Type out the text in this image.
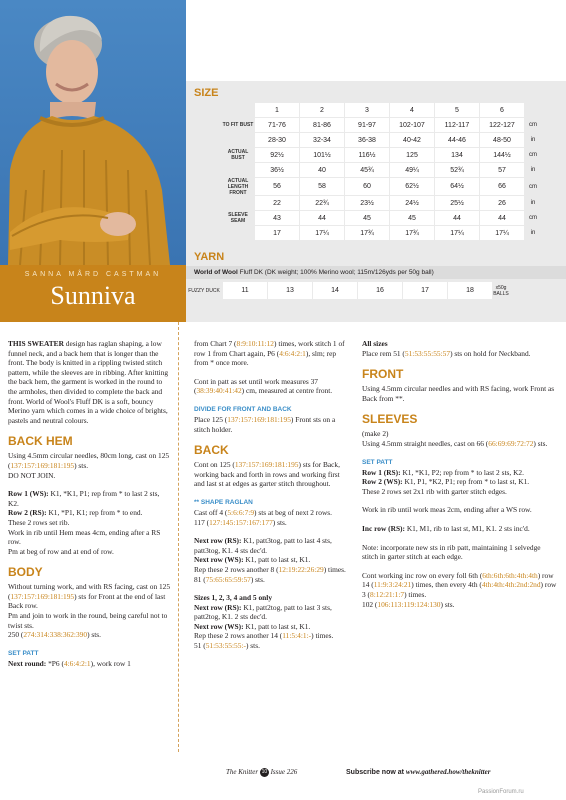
SANNA MÅRD CASTMAN
Sunniva
SIZE
	1	2	3	4	5	6	
TO FIT BUST	71-76	81-86	91-97	102-107	112-117	122-127	cm
	28-30	32-34	36-38	40-42	44-46	48-50	in
ACTUAL BUST	92½	101½	116½	125	134	144½	cm
	36½	40	45¾	49¼	52¾	57	in
ACTUAL LENGTH FRONT	56	58	60	62½	64½	66	cm
	22	22¾	23½	24½	25½	26	in
SLEEVE SEAM	43	44	45	45	44	44	cm
	17	17¼	17¾	17¾	17¼	17¼	in
YARN
World of Wool Fluff DK (DK weight; 100% Merino wool; 115m/126yds per 50g ball)
FUZZY DUCK	11	13	14	16	17	18	x50g BALLS

THIS SWEATER design has raglan shaping, a low funnel neck, and a back hem that is longer than the front. The body is knitted in a rippling twisted stitch pattern, while the sleeves are in ribbing. After knitting the back hem, the garment is worked in the round to the armholes, then divided to complete the back and front. World of Wool's Fluff DK is a soft, bouncy Merino yarn which comes in a wide choice of brights, pastels and neutral colours.

BACK HEM

Using 4.5mm circular needles, 80cm long, cast on 125 (137:157:169:181:195) sts.
DO NOT JOIN.

Row 1 (WS): K1, *K1, P1; rep from * to last 2 sts, K2.
Row 2 (RS): K1, *P1, K1; rep from * to end.
These 2 rows set rib.
Work in rib until Hem meas 4cm, ending after a RS row.
Pm at beg of row and at end of row.

BODY

Without turning work, and with RS facing, cast on 125 (137:157:169:181:195) sts for Front at the end of last Back row.
Pm and join to work in the round, being careful not to twist sts.
250 (274:314:338:362:390) sts.

SET PATT

Next round: *P6 (4:6:4:2:1), work row 1

from Chart 7 (8:9:10:11:12) times, work stitch 1 of row 1 from Chart again, P6 (4:6:4:2:1), slm; rep from * once more.

Cont in patt as set until work measures 37 (38:39:40:41:42) cm, measured at centre front.

DIVIDE FOR FRONT AND BACK

Place 125 (137:157:169:181:195) Front sts on a stitch holder.

BACK

Cont on 125 (137:157:169:181:195) sts for Back, working back and forth in rows and working first and last st at edges as garter stitch throughout.

** SHAPE RAGLAN

Cast off 4 (5:6:6:7:9) sts at beg of next 2 rows.
117 (127:145:157:167:177) sts.

Next row (RS): K1, patt3tog, patt to last 4 sts, patt3tog, K1. 4 sts dec'd.
Next row (WS): K1, patt to last st, K1.
Rep these 2 rows another 8 (12:19:22:26:29) times.
81 (75:65:65:59:57) sts.

Sizes 1, 2, 3, 4 and 5 only
Next row (RS): K1, patt2tog, patt to last 3 sts, patt2tog, K1. 2 sts dec'd.
Next row (WS): K1, patt to last st, K1.
Rep these 2 rows another 14 (11:5:4:1:-) times.
51 (51:53:55:55:-) sts.

All sizes
Place rem 51 (51:53:55:55:57) sts on hold for Neckband.

FRONT

Using 4.5mm circular needles and with RS facing, work Front as Back from **.

SLEEVES

(make 2)
Using 4.5mm straight needles, cast on 66 (66:69:69:72:72) sts.

SET PATT

Row 1 (RS): K1, *K1, P2; rep from * to last 2 sts, K2.
Row 2 (WS): K1, P1, *K2, P1; rep from * to last st, K1.
These 2 rows set 2x1 rib with garter stitch edges.

Work in rib until work meas 2cm, ending after a WS row.

Inc row (RS): K1, M1, rib to last st, M1, K1. 2 sts inc'd.

Note: incorporate new sts in rib patt, maintaining 1 selvedge stitch in garter stitch at each edge.

Cont working inc row on every foll 6th (6th:6th:6th:4th:4th) row 14 (11:9:3:24:21) times, then every 4th (4th:4th:4th:2nd:2nd) row 3 (8:12:21:1:7) times.
102 (106:113:119:124:130) sts.

The Knitter 10 Issue 226	Subscribe now at www.gathered.how/theknitter
PassionForum.ru
